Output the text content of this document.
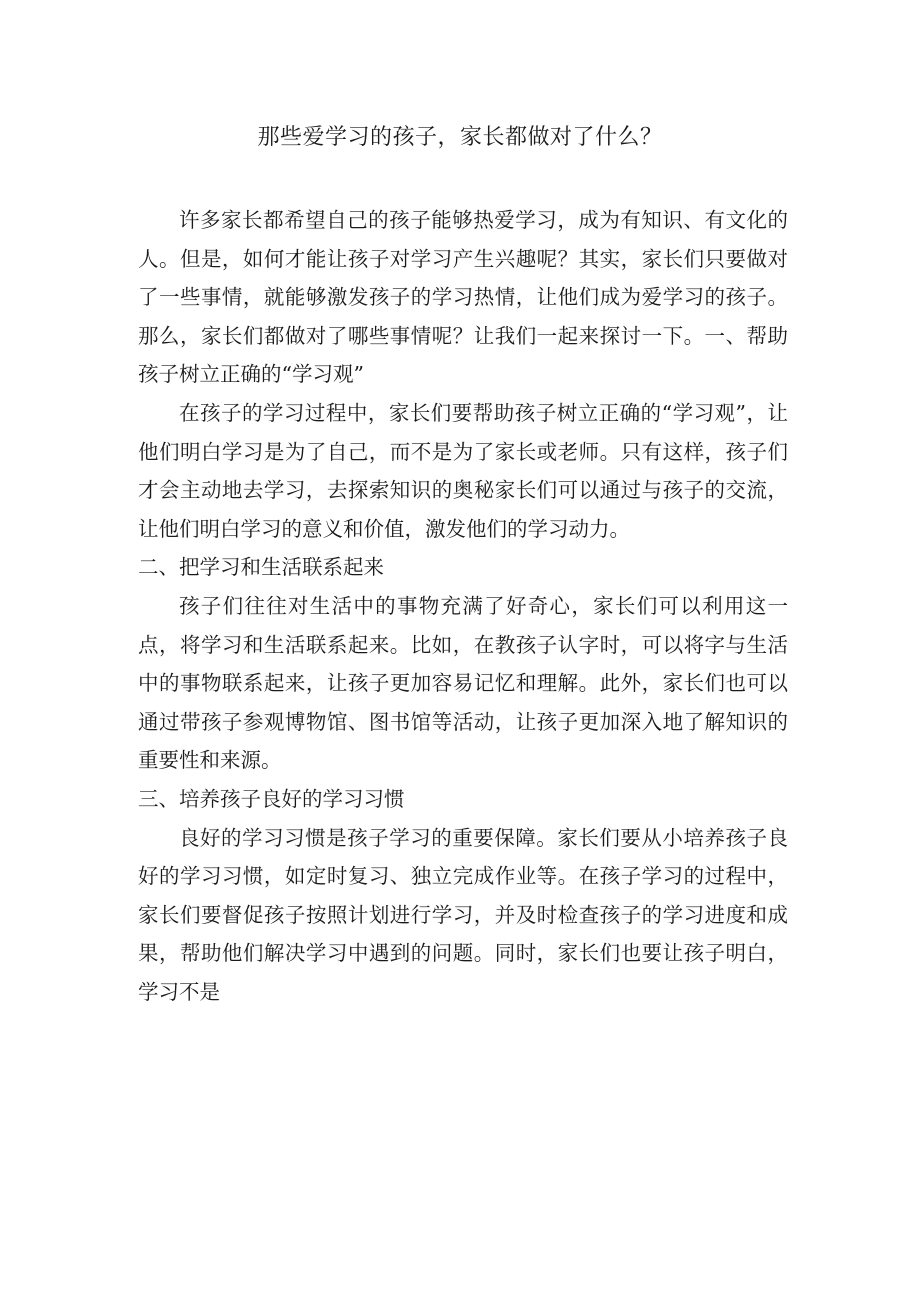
那些爱学习的孩子，家长都做对了什么？

许多家长都希望自己的孩子能够热爱学习，成为有知识、有文化的人。但是，如何才能让孩子对学习产生兴趣呢？其实，家长们只要做对了一些事情，就能够激发孩子的学习热情，让他们成为爱学习的孩子。那么，家长们都做对了哪些事情呢？让我们一起来探讨一下。一、帮助孩子树立正确的“学习观”

在孩子的学习过程中，家长们要帮助孩子树立正确的“学习观”，让他们明白学习是为了自己，而不是为了家长或老师。只有这样，孩子们才会主动地去学习，去探索知识的奥秘家长们可以通过与孩子的交流，让他们明白学习的意义和价值，激发他们的学习动力。

二、把学习和生活联系起来

孩子们往往对生活中的事物充满了好奇心，家长们可以利用这一点，将学习和生活联系起来。比如，在教孩子认字时，可以将字与生活中的事物联系起来，让孩子更加容易记忆和理解。此外，家长们也可以通过带孩子参观博物馆、图书馆等活动，让孩子更加深入地了解知识的重要性和来源。

三、培养孩子良好的学习习惯

良好的学习习惯是孩子学习的重要保障。家长们要从小培养孩子良好的学习习惯，如定时复习、独立完成作业等。在孩子学习的过程中，家长们要督促孩子按照计划进行学习，并及时检查孩子的学习进度和成果，帮助他们解决学习中遇到的问题。同时，家长们也要让孩子明白，学习不是
